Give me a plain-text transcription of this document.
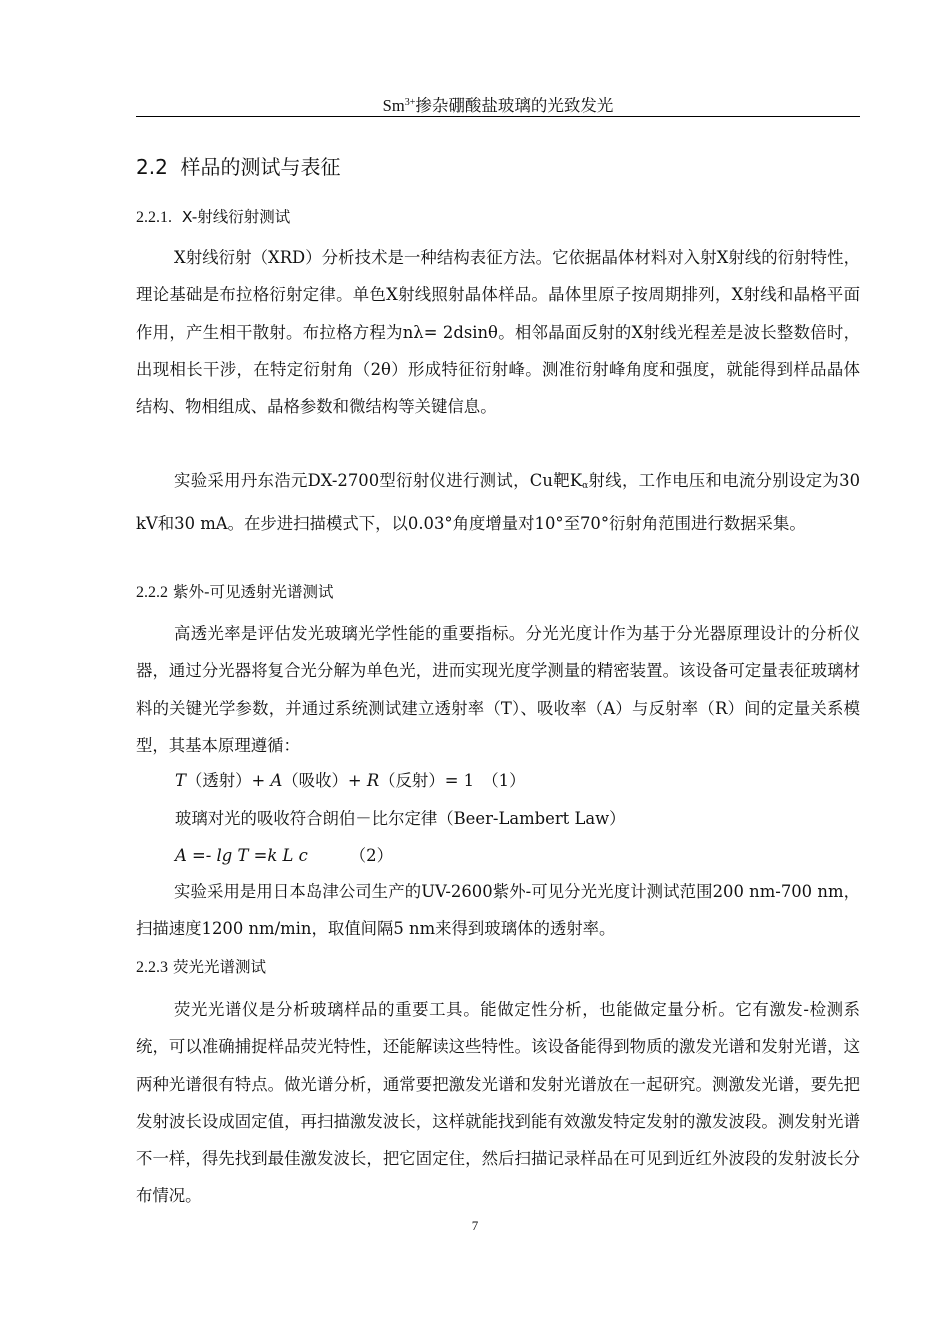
$Sm^{3+}$掺杂硼酸盐玻璃的光致发光
2.2 样品的测试与表征
2.2.1. X-射线衍射测试

X射线衍射（XRD）分析技术是一种结构表征方法。它依据晶体材料对入射X射线的衍射特性，理论基础是布拉格衍射定律。单色X射线照射晶体样品。晶体里原子按周期排列，X射线和晶格平面作用，产生相干散射。布拉格方程为nλ= 2dsinθ。相邻晶面反射的X射线光程差是波长整数倍时，出现相长干涉，在特定衍射角（2θ）形成特征衍射峰。测准衍射峰角度和强度，就能得到样品晶体结构、物相组成、晶格参数和微结构等关键信息。

实验采用丹东浩元DX-2700型衍射仪进行测试，Cu靶$K_\alpha$射线，工作电压和电流分别设定为30 kV和30 mA。在步进扫描模式下，以0.03°角度增量对10°至70°衍射角范围进行数据采集。

2.2.2 紫外-可见透射光谱测试

高透光率是评估发光玻璃光学性能的重要指标。分光光度计作为基于分光器原理设计的分析仪器，通过分光器将复合光分解为单色光，进而实现光度学测量的精密装置。该设备可定量表征玻璃材料的关键光学参数，并通过系统测试建立透射率（T）、吸收率（A）与反射率（R）间的定量关系模型，其基本原理遵循：

T（透射）+ A（吸收）+ R（反射）= 1　（1）
玻璃对光的吸收符合朗伯－比尔定律（Beer-Lambert Law）
A =- lg T =k L c	（2）

实验采用是用日本岛津公司生产的UV-2600紫外-可见分光光度计测试范围200 nm-700 nm，扫描速度1200 nm/min，取值间隔5 nm来得到玻璃体的透射率。

2.2.3 荧光光谱测试

荧光光谱仪是分析玻璃样品的重要工具。能做定性分析，也能做定量分析。它有激发-检测系统，可以准确捕捉样品荧光特性，还能解读这些特性。该设备能得到物质的激发光谱和发射光谱，这两种光谱很有特点。做光谱分析，通常要把激发光谱和发射光谱放在一起研究。测激发光谱，要先把发射波长设成固定值，再扫描激发波长，这样就能找到能有效激发特定发射的激发波段。测发射光谱不一样，得先找到最佳激发波长，把它固定住，然后扫描记录样品在可见到近红外波段的发射波长分布情况。

7
